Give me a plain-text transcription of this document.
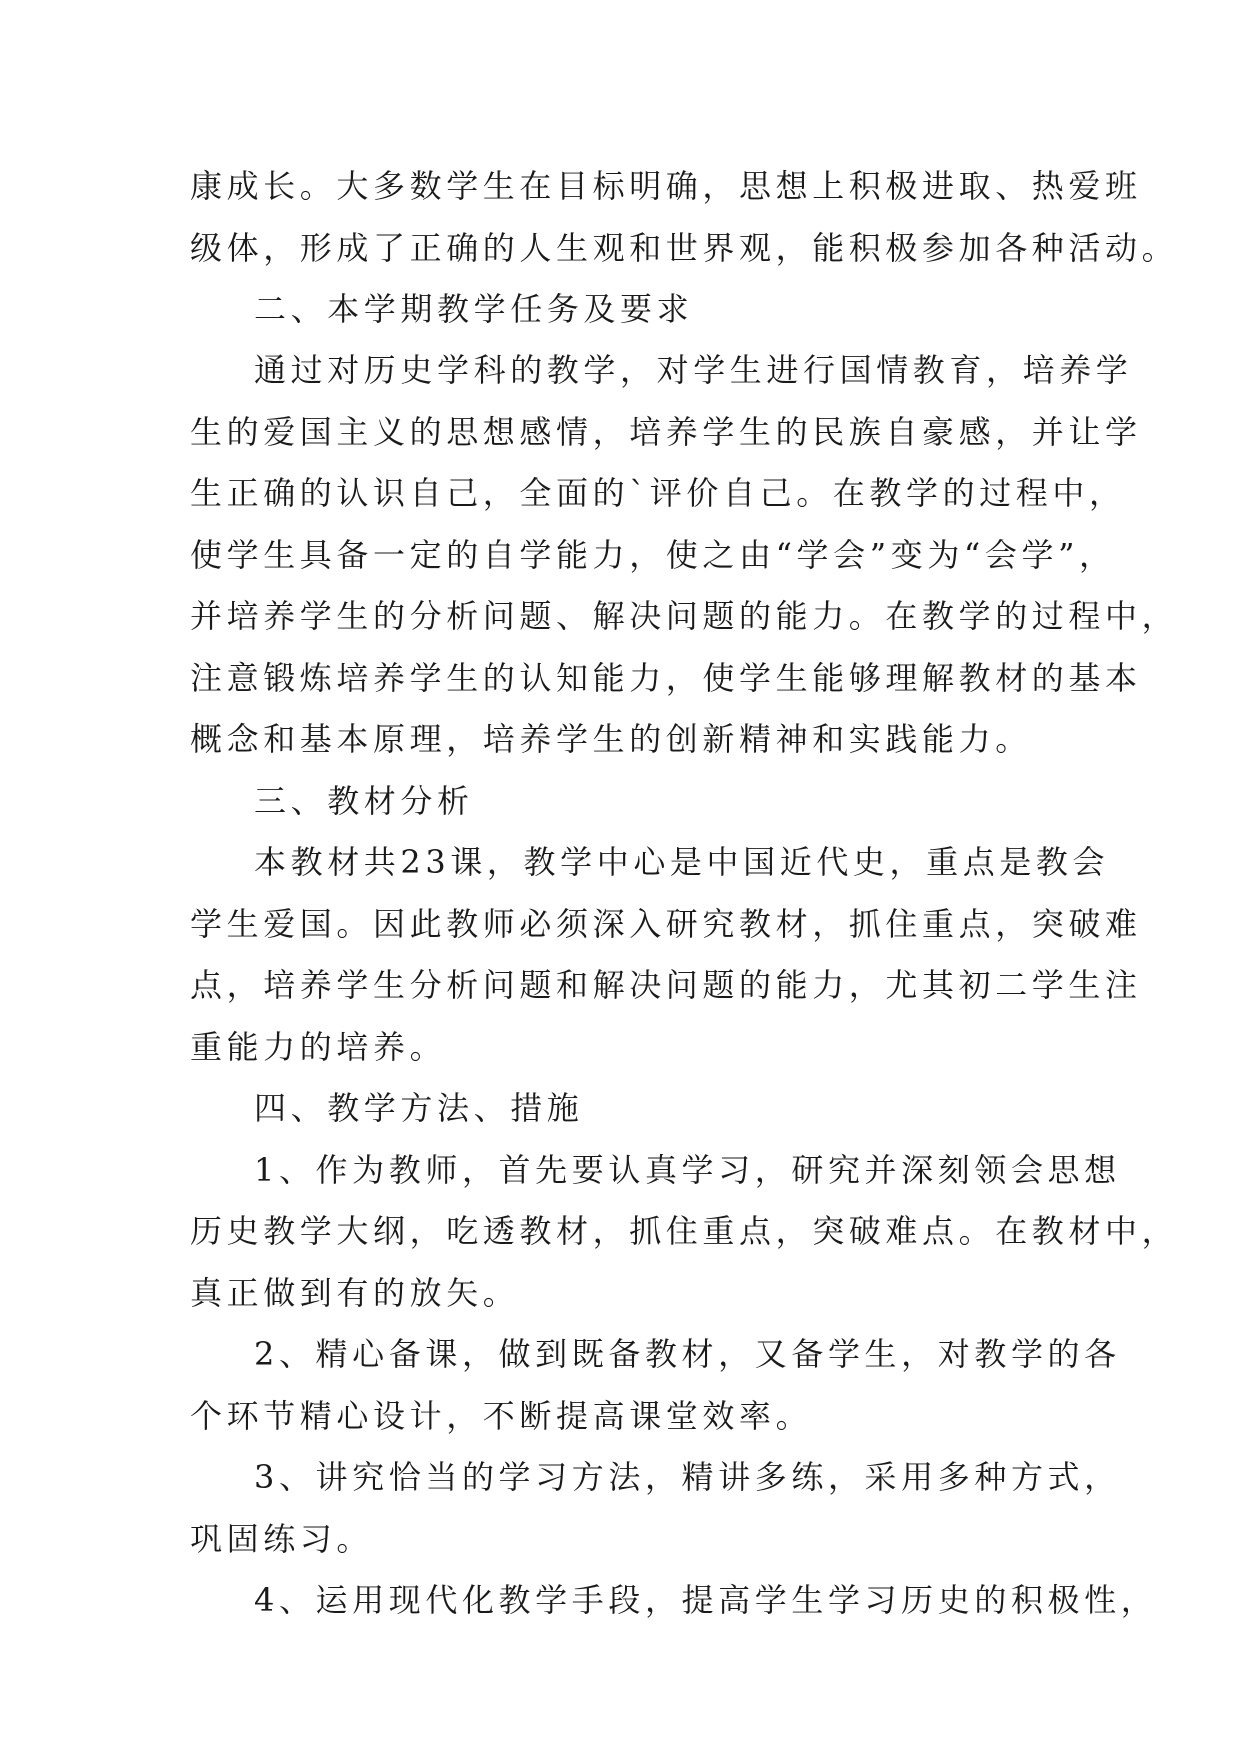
康成长。大多数学生在目标明确，思想上积极进取、热爱班
级体，形成了正确的人生观和世界观，能积极参加各种活动。
二、本学期教学任务及要求
通过对历史学科的教学，对学生进行国情教育，培养学
生的爱国主义的思想感情，培养学生的民族自豪感，并让学
生正确的认识自己，全面的`评价自己。在教学的过程中，
使学生具备一定的自学能力，使之由“学会”变为“会学”，
并培养学生的分析问题、解决问题的能力。在教学的过程中，
注意锻炼培养学生的认知能力，使学生能够理解教材的基本
概念和基本原理，培养学生的创新精神和实践能力。
三、教材分析
本教材共23课，教学中心是中国近代史，重点是教会
学生爱国。因此教师必须深入研究教材，抓住重点，突破难
点，培养学生分析问题和解决问题的能力，尤其初二学生注
重能力的培养。
四、教学方法、措施
1、作为教师，首先要认真学习，研究并深刻领会思想
历史教学大纲，吃透教材，抓住重点，突破难点。在教材中，
真正做到有的放矢。
2、精心备课，做到既备教材，又备学生，对教学的各
个环节精心设计，不断提高课堂效率。
3、讲究恰当的学习方法，精讲多练，采用多种方式，
巩固练习。
4、运用现代化教学手段，提高学生学习历史的积极性，
